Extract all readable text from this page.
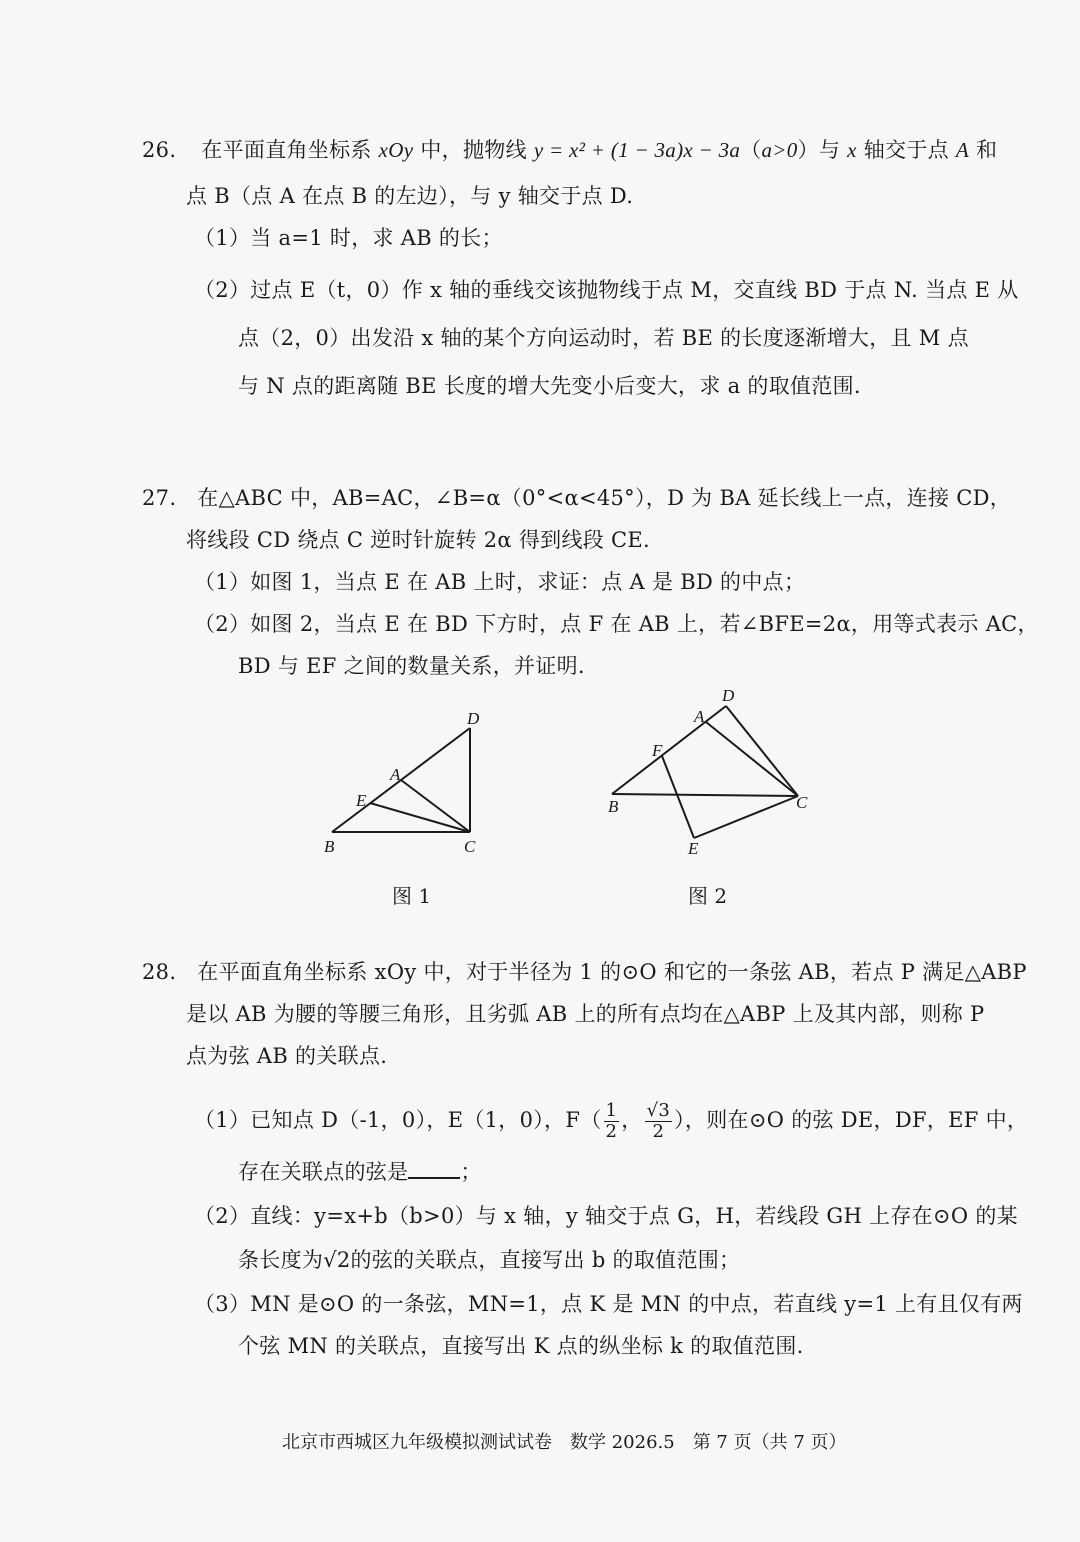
26. 在平面直角坐标系 xOy 中，抛物线 y = x² + (1 − 3a)x − 3a（a>0）与 x 轴交于点 A 和
点 B（点 A 在点 B 的左边），与 y 轴交于点 D.
（1）当 a=1 时，求 AB 的长；
（2）过点 E（t，0）作 x 轴的垂线交该抛物线于点 M，交直线 BD 于点 N. 当点 E 从
点（2，0）出发沿 x 轴的某个方向运动时，若 BE 的长度逐渐增大，且 M 点
与 N 点的距离随 BE 长度的增大先变小后变大，求 a 的取值范围.
27. 在△ABC 中，AB=AC，∠B=α（0°<α<45°），D 为 BA 延长线上一点，连接 CD，
将线段 CD 绕点 C 逆时针旋转 2α 得到线段 CE.
（1）如图 1，当点 E 在 AB 上时，求证：点 A 是 BD 的中点；
（2）如图 2，当点 E 在 BD 下方时，点 F 在 AB 上，若∠BFE=2α，用等式表示 AC，
BD 与 EF 之间的数量关系，并证明.
D
A
E
B	C
图 1
D
A
F
B	C
E
图 2
28. 在平面直角坐标系 xOy 中，对于半径为 1 的⊙O 和它的一条弦 AB，若点 P 满足△ABP
是以 AB 为腰的等腰三角形，且劣弧 AB 上的所有点均在△ABP 上及其内部，则称 P
点为弦 AB 的关联点.
（1）已知点 D（-1，0），E（1，0），$F( \frac{1}{2}$ ， $\frac{√3}{2}$ ），则在⊙O 的弦 DE，DF，EF 中，
存在关联点的弦是 ；
（2）直线：y=x+b（b>0）与 x 轴，y 轴交于点 G，H，若线段 GH 上存在⊙O 的某
条长度为√2的弦的关联点，直接写出 b 的取值范围；
（3）MN 是⊙O 的一条弦，MN=1，点 K 是 MN 的中点，若直线 y=1 上有且仅有两
个弦 MN 的关联点，直接写出 K 点的纵坐标 k 的取值范围.
北京市西城区九年级模拟测试试卷　数学 2026.5　第 7 页（共 7 页）
